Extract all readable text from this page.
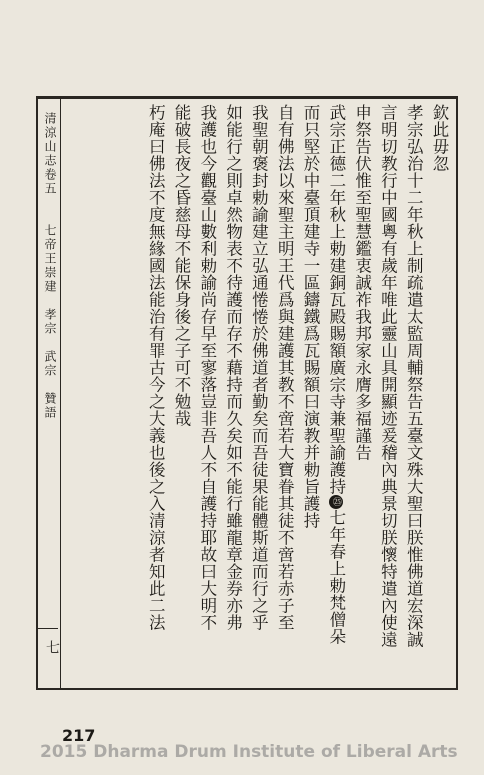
清涼山志卷五 七帝王崇建　孝宗　武宗　贊語
七

欽此毋忽

孝宗弘治十二年秋上制疏遣太監周輔祭告五臺文殊大聖曰朕惟佛道宏深誠

言明切教行中國粵有歲年唯此靈山具開顯迹爰稽內典景切朕懷特遣內使遠

申祭告伏惟至聖慧鑑衷誠祚我邦家永膺多福謹告

武宗正德二年秋上勅建銅瓦殿賜額廣宗寺兼聖諭護持㉕七年春上勅梵僧朵

而只堅於中臺頂建寺一區鑄鐵爲瓦賜額曰演教并勅旨護持

自有佛法以來聖主明王代爲與建護其教不啻若大寶眷其徒不啻若赤子至

我聖朝褒封勅諭建立弘通惓惓於佛道者勤矣而吾徒果能體斯道而行之乎

如能行之則卓然物表不待護而存不藉持而久矣如不能行雖龍章金券亦弗

我護也今觀臺山數利勅諭尚存早至寥落豈非吾人不自護持耶故曰大明不

能破長夜之昏慈母不能保身後之子可不勉哉

朽庵曰佛法不度無緣國法能治有罪古今之大義也後之入清涼者知此二法

217
2015 Dharma Drum Institute of Liberal Arts
